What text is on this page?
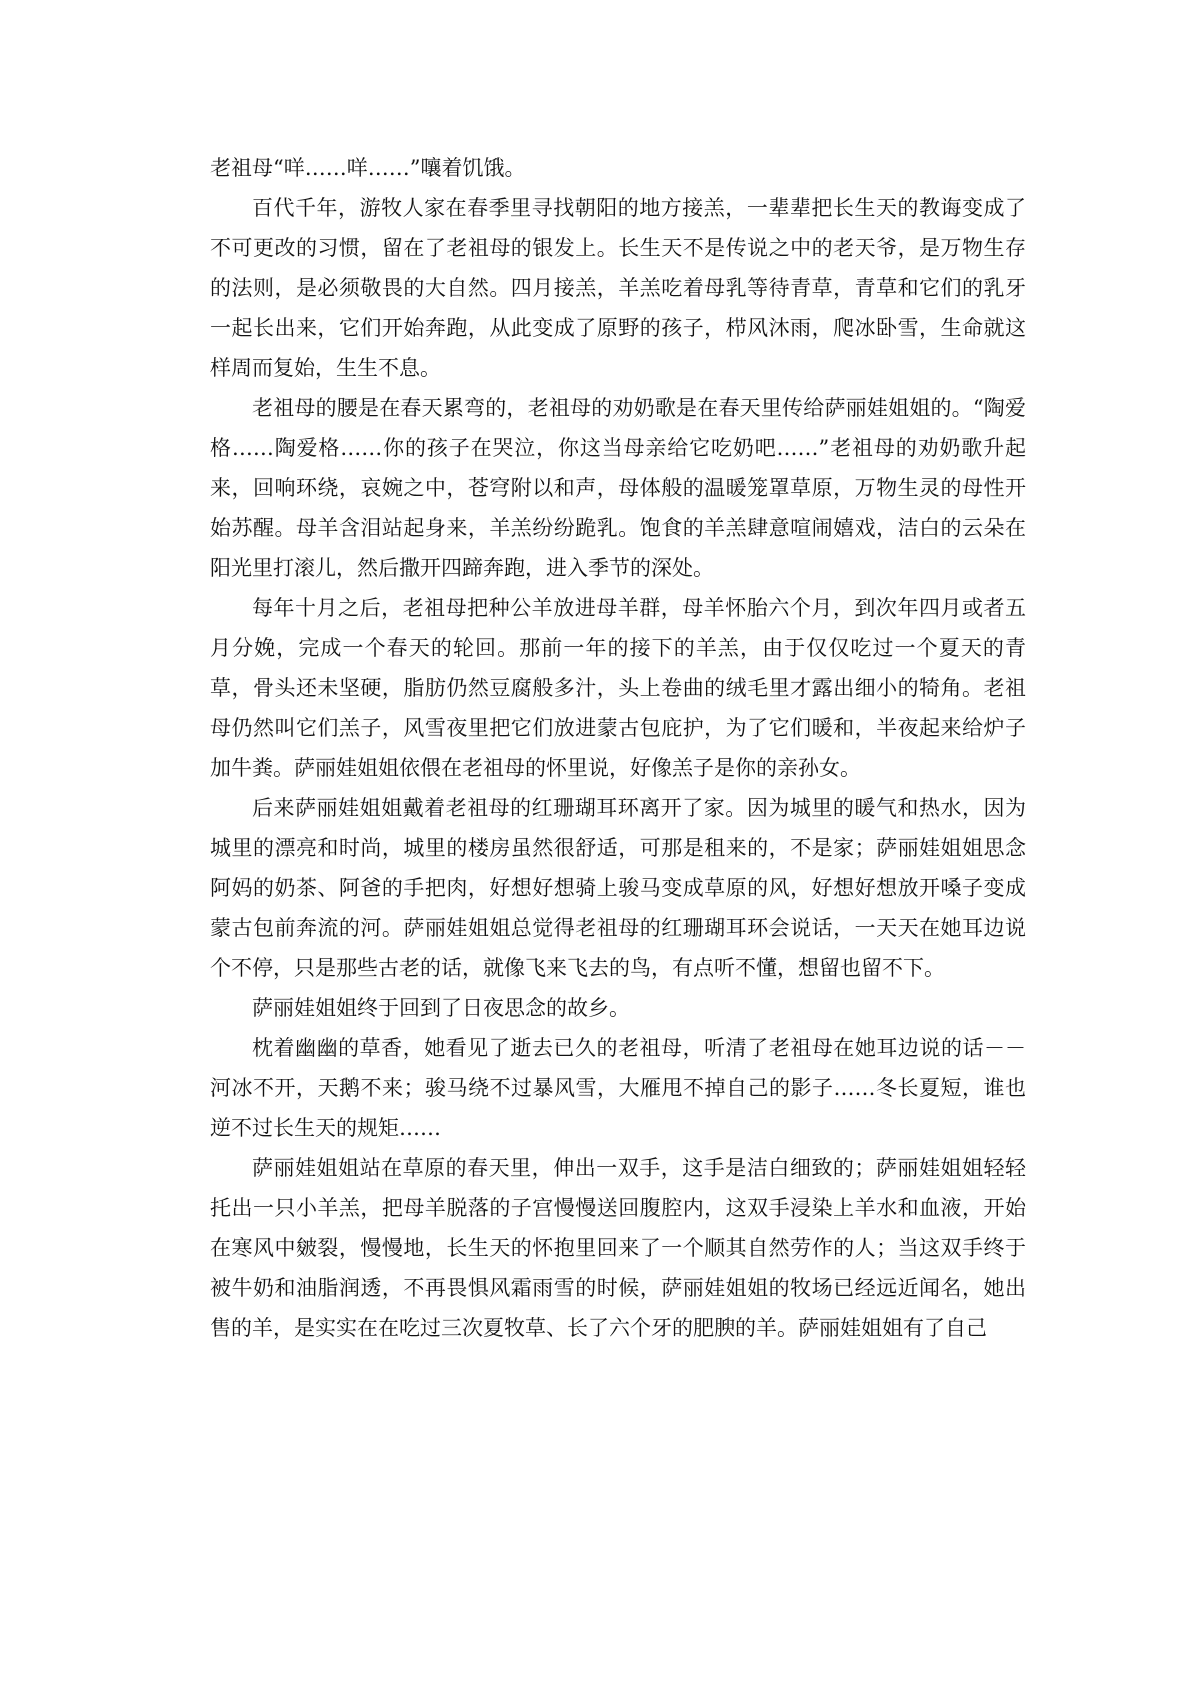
老祖母“咩……咩……”嚷着饥饿。

百代千年，游牧人家在春季里寻找朝阳的地方接羔，一辈辈把长生天的教诲变成了不可更改的习惯，留在了老祖母的银发上。长生天不是传说之中的老天爷，是万物生存的法则，是必须敬畏的大自然。四月接羔，羊羔吃着母乳等待青草，青草和它们的乳牙一起长出来，它们开始奔跑，从此变成了原野的孩子，栉风沐雨，爬冰卧雪，生命就这样周而复始，生生不息。

老祖母的腰是在春天累弯的，老祖母的劝奶歌是在春天里传给萨丽娃姐姐的。“陶爱格……陶爱格……你的孩子在哭泣，你这当母亲给它吃奶吧……”老祖母的劝奶歌升起来，回响环绕，哀婉之中，苍穹附以和声，母体般的温暖笼罩草原，万物生灵的母性开始苏醒。母羊含泪站起身来，羊羔纷纷跪乳。饱食的羊羔肆意喧闹嬉戏，洁白的云朵在阳光里打滚儿，然后撒开四蹄奔跑，进入季节的深处。

每年十月之后，老祖母把种公羊放进母羊群，母羊怀胎六个月，到次年四月或者五月分娩，完成一个春天的轮回。那前一年的接下的羊羔，由于仅仅吃过一个夏天的青草，骨头还未坚硬，脂肪仍然豆腐般多汁，头上卷曲的绒毛里才露出细小的犄角。老祖母仍然叫它们羔子，风雪夜里把它们放进蒙古包庇护，为了它们暖和，半夜起来给炉子加牛粪。萨丽娃姐姐依偎在老祖母的怀里说，好像羔子是你的亲孙女。

后来萨丽娃姐姐戴着老祖母的红珊瑚耳环离开了家。因为城里的暖气和热水，因为城里的漂亮和时尚，城里的楼房虽然很舒适，可那是租来的，不是家；萨丽娃姐姐思念阿妈的奶茶、阿爸的手把肉，好想好想骑上骏马变成草原的风，好想好想放开嗓子变成蒙古包前奔流的河。萨丽娃姐姐总觉得老祖母的红珊瑚耳环会说话，一天天在她耳边说个不停，只是那些古老的话，就像飞来飞去的鸟，有点听不懂，想留也留不下。

萨丽娃姐姐终于回到了日夜思念的故乡。

枕着幽幽的草香，她看见了逝去已久的老祖母，听清了老祖母在她耳边说的话－－河冰不开，天鹅不来；骏马绕不过暴风雪，大雁甩不掉自己的影子……冬长夏短，谁也逆不过长生天的规矩……

萨丽娃姐姐站在草原的春天里，伸出一双手，这手是洁白细致的；萨丽娃姐姐轻轻托出一只小羊羔，把母羊脱落的子宫慢慢送回腹腔内，这双手浸染上羊水和血液，开始在寒风中皴裂，慢慢地，长生天的怀抱里回来了一个顺其自然劳作的人；当这双手终于被牛奶和油脂润透，不再畏惧风霜雨雪的时候，萨丽娃姐姐的牧场已经远近闻名，她出售的羊，是实实在在吃过三次夏牧草、长了六个牙的肥腴的羊。萨丽娃姐姐有了自己
